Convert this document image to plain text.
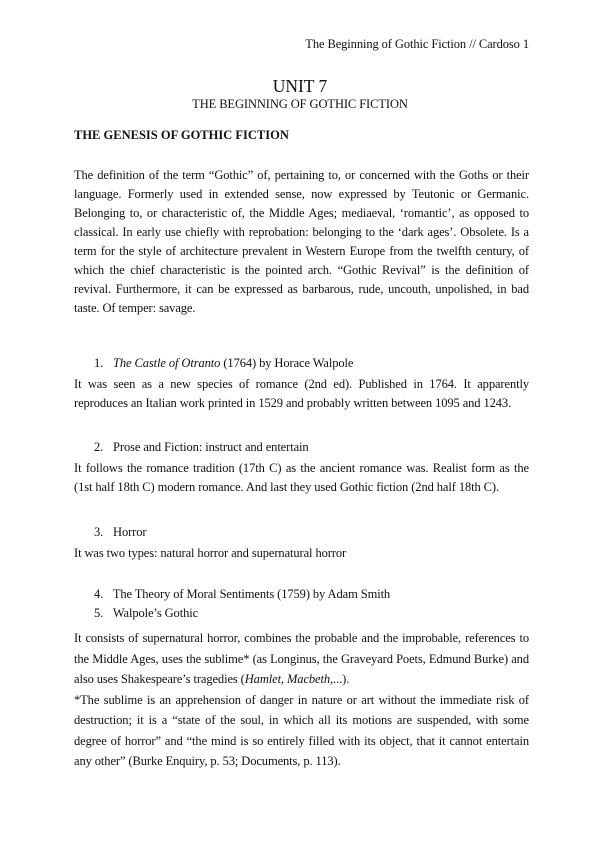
The Beginning of Gothic Fiction // Cardoso 1
UNIT 7
THE BEGINNING OF GOTHIC FICTION
THE GENESIS OF GOTHIC FICTION
The definition of the term “Gothic” of, pertaining to, or concerned with the Goths or their language. Formerly used in extended sense, now expressed by Teutonic or Germanic. Belonging to, or characteristic of, the Middle Ages; mediaeval, ‘romantic’, as opposed to classical. In early use chiefly with reprobation: belonging to the ‘dark ages’. Obsolete. Is a term for the style of architecture prevalent in Western Europe from the twelfth century, of which the chief characteristic is the pointed arch. “Gothic Revival” is the definition of revival. Furthermore, it can be expressed as barbarous, rude, uncouth, unpolished, in bad taste. Of temper: savage.
1. The Castle of Otranto (1764) by Horace Walpole
It was seen as a new species of romance (2nd ed). Published in 1764. It apparently reproduces an Italian work printed in 1529 and probably written between 1095 and 1243.
2. Prose and Fiction: instruct and entertain
It follows the romance tradition (17th C) as the ancient romance was. Realist form as the (1st half 18th C) modern romance. And last they used Gothic fiction (2nd half 18th C).
3. Horror
It was two types: natural horror and supernatural horror
4. The Theory of Moral Sentiments (1759) by Adam Smith
5. Walpole’s Gothic
It consists of supernatural horror, combines the probable and the improbable, references to the Middle Ages, uses the sublime* (as Longinus, the Graveyard Poets, Edmund Burke) and also uses Shakespeare’s tragedies (Hamlet, Macbeth,...).
*The sublime is an apprehension of danger in nature or art without the immediate risk of destruction; it is a “state of the soul, in which all its motions are suspended, with some degree of horror” and “the mind is so entirely filled with its object, that it cannot entertain any other” (Burke Enquiry, p. 53; Documents, p. 113).
